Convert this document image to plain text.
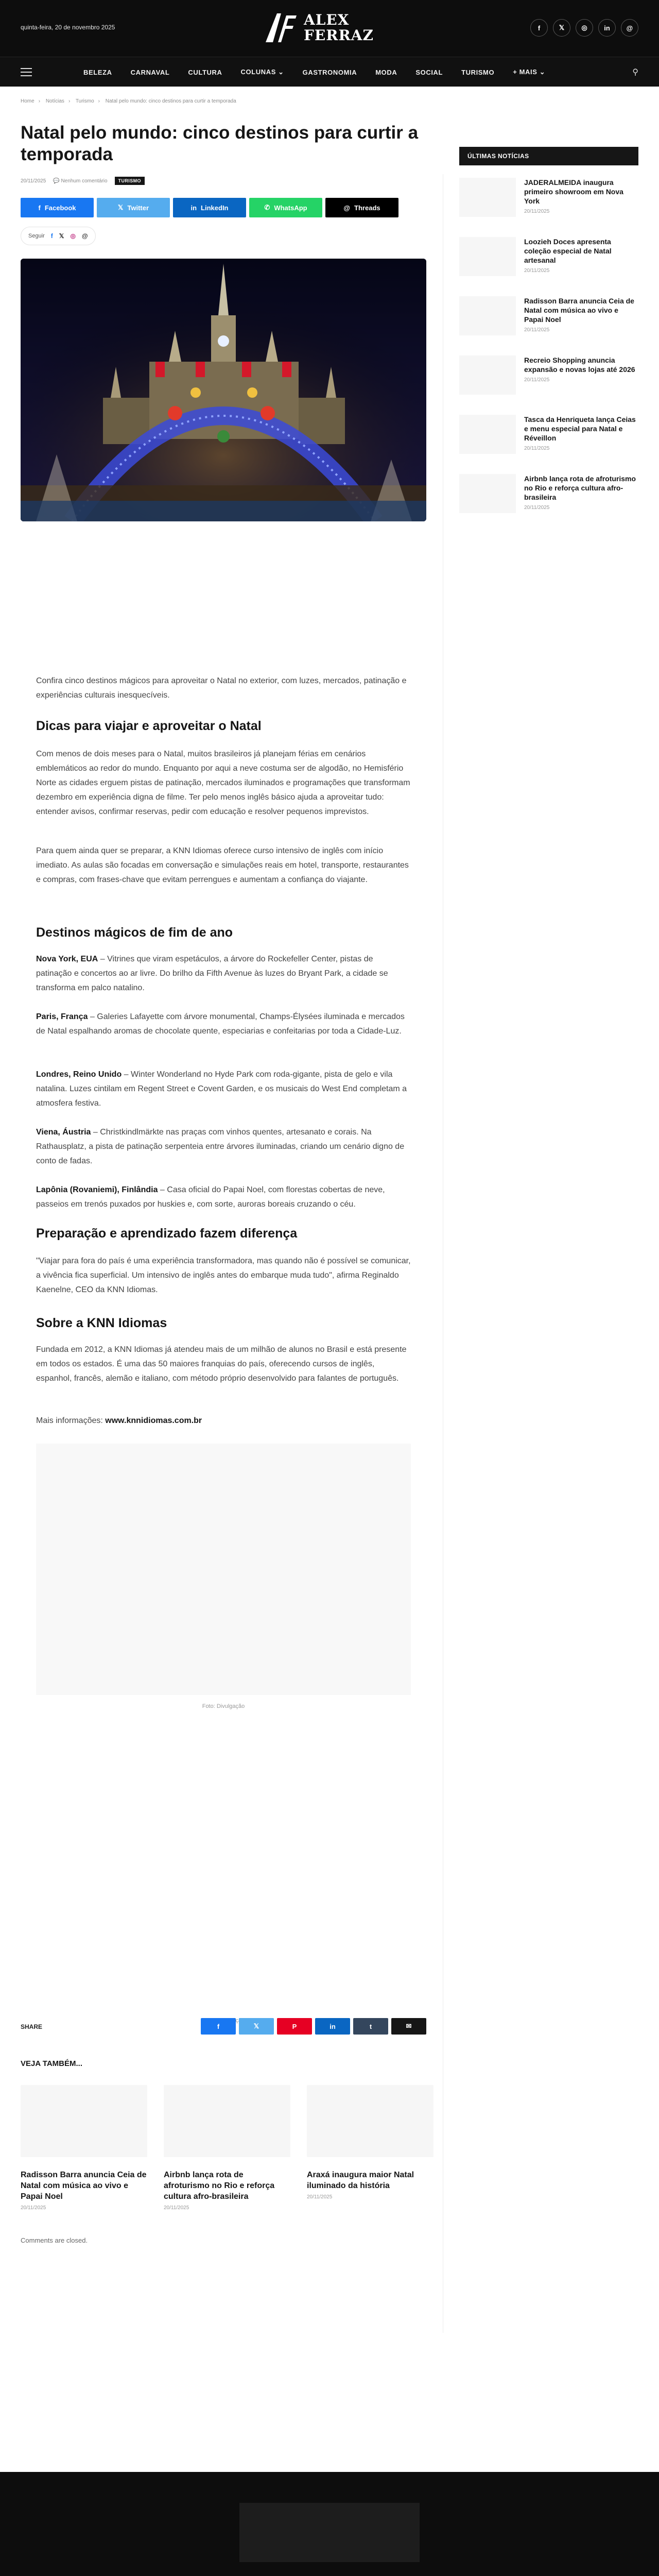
quinta-feira, 20 de novembro 2025	ALEX
FERRAZ	f	𝕏	◎	in	@
BELEZA	CARNAVAL	CULTURA	COLUNAS ⌄	GASTRONOMIA	MODA	SOCIAL	TURISMO	+ MAIS ⌄	⚲
Home › Notícias › Turismo › Natal pelo mundo: cinco destinos para curtir a temporada
Natal pelo mundo: cinco destinos para curtir a temporada
20/11/2025 💬 Nenhum comentário	TURISMO
f Facebook	𝕏 Twitter	in LinkedIn	✆ WhatsApp	@ Threads
Seguir f 𝕏 ◎ @

Confira cinco destinos mágicos para aproveitar o Natal no exterior, com luzes, mercados, patinação e experiências culturais inesquecíveis.

Dicas para viajar e aproveitar o Natal

Com menos de dois meses para o Natal, muitos brasileiros já planejam férias em cenários emblemáticos ao redor do mundo. Enquanto por aqui a neve costuma ser de algodão, no Hemisfério Norte as cidades erguem pistas de patinação, mercados iluminados e programações que transformam dezembro em experiência digna de filme. Ter pelo menos inglês básico ajuda a aproveitar tudo: entender avisos, confirmar reservas, pedir com educação e resolver pequenos imprevistos.

Para quem ainda quer se preparar, a KNN Idiomas oferece curso intensivo de inglês com início imediato. As aulas são focadas em conversação e simulações reais em hotel, transporte, restaurantes e compras, com frases-chave que evitam perrengues e aumentam a confiança do viajante.

Destinos mágicos de fim de ano

Nova York, EUA – Vitrines que viram espetáculos, a árvore do Rockefeller Center, pistas de patinação e concertos ao ar livre. Do brilho da Fifth Avenue às luzes do Bryant Park, a cidade se transforma em palco natalino.

Paris, França – Galeries Lafayette com árvore monumental, Champs-Élysées iluminada e mercados de Natal espalhando aromas de chocolate quente, especiarias e confeitarias por toda a Cidade-Luz.

Londres, Reino Unido – Winter Wonderland no Hyde Park com roda-gigante, pista de gelo e vila natalina. Luzes cintilam em Regent Street e Covent Garden, e os musicais do West End completam a atmosfera festiva.

Viena, Áustria – Christkindlmärkte nas praças com vinhos quentes, artesanato e corais. Na Rathausplatz, a pista de patinação serpenteia entre árvores iluminadas, criando um cenário digno de conto de fadas.

Lapônia (Rovaniemi), Finlândia – Casa oficial do Papai Noel, com florestas cobertas de neve, passeios em trenós puxados por huskies e, com sorte, auroras boreais cruzando o céu.

Preparação e aprendizado fazem diferença

"Viajar para fora do país é uma experiência transformadora, mas quando não é possível se comunicar, a vivência fica superficial. Um intensivo de inglês antes do embarque muda tudo", afirma Reginaldo Kaenelne, CEO da KNN Idiomas.

Sobre a KNN Idiomas

Fundada em 2012, a KNN Idiomas já atendeu mais de um milhão de alunos no Brasil e está presente em todos os estados. É uma das 50 maiores franquias do país, oferecendo cursos de inglês, espanhol, francês, alemão e italiano, com método próprio desenvolvido para falantes de português.

Mais informações: www.knnidiomas.com.br

Foto: Divulgação
SHARE	f	𝕏	P	in	t	✉
VEJA TAMBÉM...
Radisson Barra anuncia Ceia de Natal com música ao vivo e Papai Noel
20/11/2025
Airbnb lança rota de afroturismo no Rio e reforça cultura afro-brasileira
20/11/2025
Araxá inaugura maior Natal iluminado da história
20/11/2025
Comments are closed.
ÚLTIMAS NOTÍCIAS
JADERALMEIDA inaugura primeiro showroom em Nova York
20/11/2025
Loozieh Doces apresenta coleção especial de Natal artesanal
20/11/2025
Radisson Barra anuncia Ceia de Natal com música ao vivo e Papai Noel
20/11/2025
Recreio Shopping anuncia expansão e novas lojas até 2026
20/11/2025
Tasca da Henriqueta lança Ceias e menu especial para Natal e Réveillon
20/11/2025
Airbnb lança rota de afroturismo no Rio e reforça cultura afro-brasileira
20/11/2025
